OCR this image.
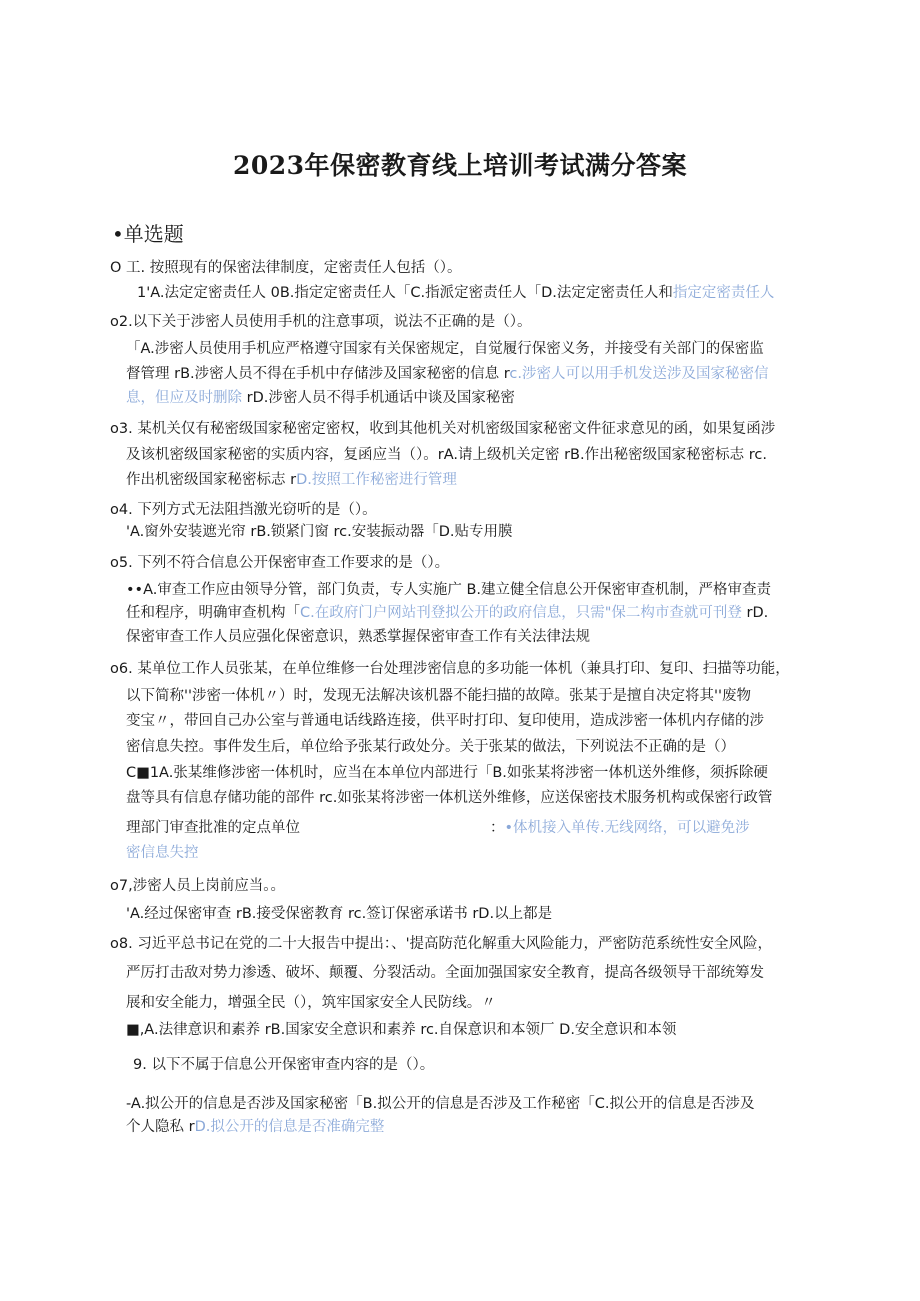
2023年保密教育线上培训考试满分答案
•单选题
O 工. 按照现有的保密法律制度，定密责任人包括（）。
1'A.法定定密责任人 0B.指定定密责任人「C.指派定密责任人「D.法定定密责任人和指定定密责任人
o2.以下关于涉密人员使用手机的注意事项，说法不正确的是（）。
「A.涉密人员使用手机应严格遵守国家有关保密规定，自觉履行保密义务，并接受有关部门的保密监
督管理 rB.涉密人员不得在手机中存储涉及国家秘密的信息 rc.涉密人可以用手机发送涉及国家秘密信
息，但应及时删除 rD.涉密人员不得手机通话中谈及国家秘密
o3. 某机关仅有秘密级国家秘密定密权，收到其他机关对机密级国家秘密文件征求意见的函，如果复函涉
及该机密级国家秘密的实质内容，复函应当（）。rA.请上级机关定密 rB.作出秘密级国家秘密标志 rc.
作出机密级国家秘密标志 rD.按照工作秘密进行管理
o4. 下列方式无法阻挡激光窃听的是（）。
'A.窗外安装遮光帘 rB.锁紧门窗 rc.安装振动器「D.贴专用膜
o5. 下列不符合信息公开保密审查工作要求的是（）。
••A.审查工作应由领导分管，部门负责，专人实施广 B.建立健全信息公开保密审查机制，严格审查责
任和程序，明确审查机构「C.在政府门户网站刊登拟公开的政府信息，只需"保二构市查就可刊登 rD.
保密审查工作人员应强化保密意识，熟悉掌握保密审查工作有关法律法规
o6. 某单位工作人员张某，在单位维修一台处理涉密信息的多功能一体机（兼具打印、复印、扫描等功能，
以下简称''涉密一体机〃）时，发现无法解决该机器不能扫描的故障。张某于是擅自决定将其''废物
变宝〃，带回自己办公室与普通电话线路连接，供平时打印、复印使用，造成涉密一体机内存储的涉
密信息失控。事件发生后，单位给予张某行政处分。关于张某的做法，下列说法不正确的是（）
C■1A.张某维修涉密一体机时，应当在本单位内部进行「B.如张某将涉密一体机送外维修，须拆除硬
盘等具有信息存储功能的部件 rc.如张某将涉密一体机送外维修，应送保密技术服务机构或保密行政管
理部门审查批准的定点单位	：•体机接入单传.无线网络，可以避免涉
密信息失控
o7,涉密人员上岗前应当。。
'A.经过保密审查 rB.接受保密教育 rc.签订保密承诺书 rD.以上都是
o8. 习近平总书记在党的二十大报告中提出：、'提高防范化解重大风险能力，严密防范系统性安全风险，
严厉打击敌对势力渗透、破坏、颠覆、分裂活动。全面加强国家安全教育，提高各级领导干部统筹发
展和安全能力，增强全民（），筑牢国家安全人民防线。〃
■,A.法律意识和素养 rB.国家安全意识和素养 rc.自保意识和本领厂 D.安全意识和本领
9. 以下不属于信息公开保密审查内容的是（）。
-A.拟公开的信息是否涉及国家秘密「B.拟公开的信息是否涉及工作秘密「C.拟公开的信息是否涉及
个人隐私 rD.拟公开的信息是否准确完整
